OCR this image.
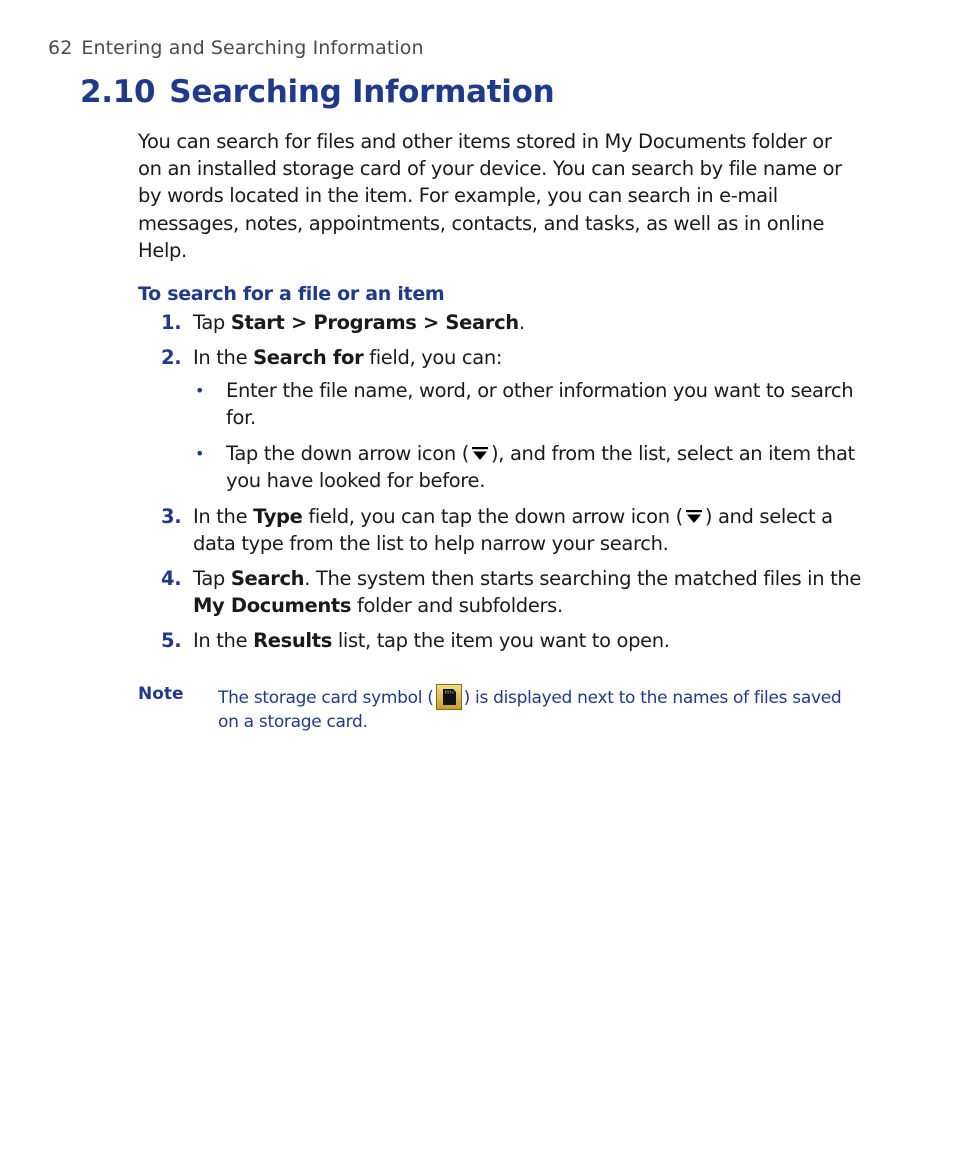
62 Entering and Searching Information
2.10 Searching Information

You can search for files and other items stored in My Documents folder or on an installed storage card of your device. You can search by file name or by words located in the item. For example, you can search in e-mail messages, notes, appointments, contacts, and tasks, as well as in online Help.

To search for a file or an item
1. Tap Start > Programs > Search.
2. In the Search for field, you can:
• Enter the file name, word, or other information you want to search for.
• Tap the down arrow icon ( ), and from the list, select an item that you have looked for before.
3. In the Type field, you can tap the down arrow icon ( ) and select a data type from the list to help narrow your search.
4. Tap Search. The system then starts searching the matched files in the My Documents folder and subfolders.
5. In the Results list, tap the item you want to open.
Note The storage card symbol ( ) is displayed next to the names of files saved on a storage card.
